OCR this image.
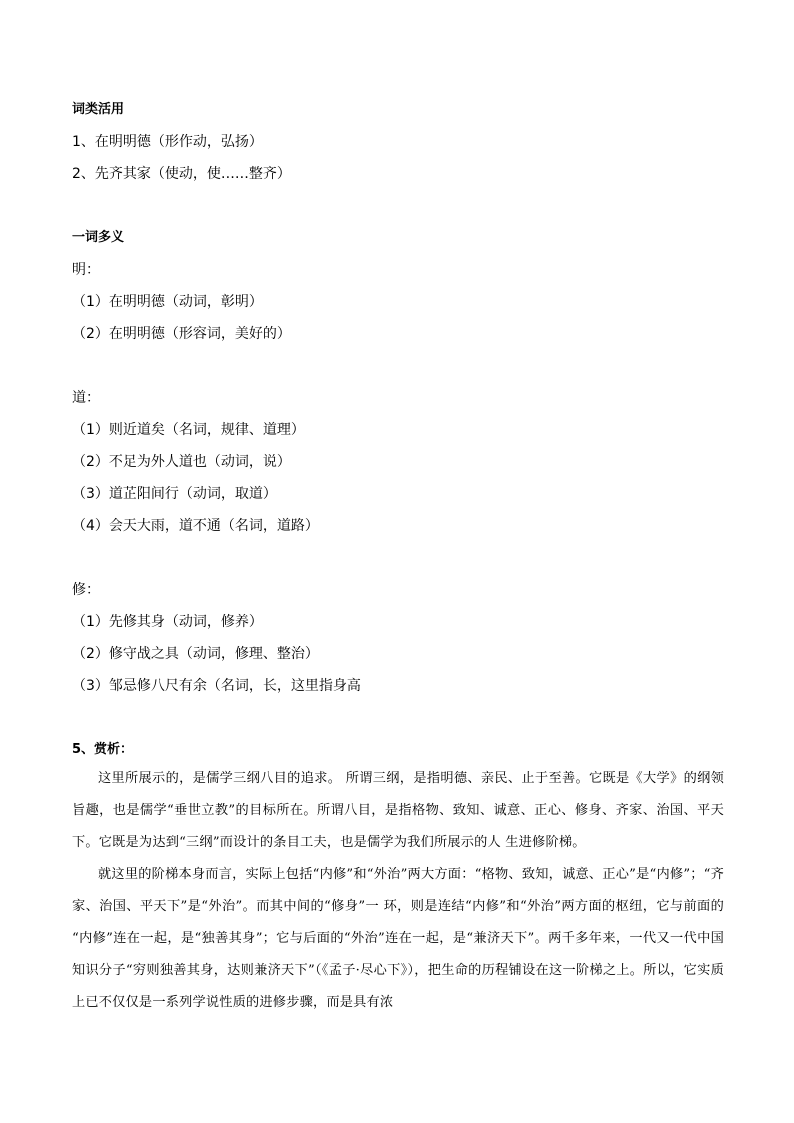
词类活用
1、在明明德（形作动，弘扬）
2、先齐其家（使动，使……整齐）
一词多义
明：
（1）在明明德（动词，彰明）
（2）在明明德（形容词，美好的）
道：
（1）则近道矣（名词，规律、道理）
（2）不足为外人道也（动词，说）
（3）道芷阳间行（动词，取道）
（4）会天大雨，道不通（名词，道路）
修：
（1）先修其身（动词，修养）
（2）修守战之具（动词，修理、整治）
（3）邹忌修八尺有余（名词，长，这里指身高
5、赏析：
这里所展示的，是儒学三纲八目的追求。 所谓三纲，是指明德、亲民、止于至善。它既是《大学》的纲领旨趣，也是儒学“垂世立教”的目标所在。所谓八目，是指格物、致知、诚意、正心、修身、齐家、治国、平天下。它既是为达到“三纲”而设计的条目工夫，也是儒学为我们所展示的人 生进修阶梯。
就这里的阶梯本身而言，实际上包括“内修”和“外治”两大方面：“格物、致知，诚意、正心”是“内修”；“齐家、治国、平天下”是“外治”。而其中间的“修身”一 环，则是连结“内修”和“外治”两方面的枢纽，它与前面的 “内修”连在一起，是“独善其身”；它与后面的“外治”连在一起，是“兼济天下”。两千多年来，一代又一代中国知识分子“穷则独善其身，达则兼济天下”（《孟子·尽心下》），把生命的历程铺设在这一阶梯之上。所以，它实质上已不仅仅是一系列学说性质的进修步骤，而是具有浓
